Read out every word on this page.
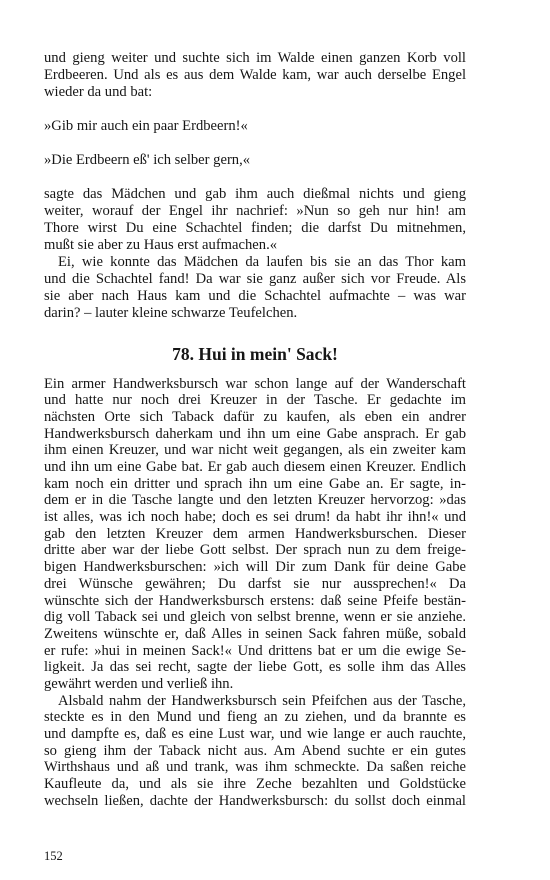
und gieng weiter und suchte sich im Walde einen ganzen Korb voll
Erdbeeren. Und als es aus dem Walde kam, war auch derselbe Engel
wieder da und bat:
»Gib mir auch ein paar Erdbeern!«
»Die Erdbeern eß' ich selber gern,«
sagte das Mädchen und gab ihm auch dießmal nichts und gieng
weiter, worauf der Engel ihr nachrief: »Nun so geh nur hin! am
Thore wirst Du eine Schachtel finden; die darfst Du mitnehmen,
mußt sie aber zu Haus erst aufmachen.«
Ei, wie konnte das Mädchen da laufen bis sie an das Thor kam
und die Schachtel fand! Da war sie ganz außer sich vor Freude. Als
sie aber nach Haus kam und die Schachtel aufmachte – was war
darin? – lauter kleine schwarze Teufelchen.
78. Hui in mein' Sack!
Ein armer Handwerksbursch war schon lange auf der Wanderschaft
und hatte nur noch drei Kreuzer in der Tasche. Er gedachte im
nächsten Orte sich Taback dafür zu kaufen, als eben ein andrer
Handwerksbursch daherkam und ihn um eine Gabe ansprach. Er gab
ihm einen Kreuzer, und war nicht weit gegangen, als ein zweiter kam
und ihn um eine Gabe bat. Er gab auch diesem einen Kreuzer. Endlich
kam noch ein dritter und sprach ihn um eine Gabe an. Er sagte, in-
dem er in die Tasche langte und den letzten Kreuzer hervorzog: »das
ist alles, was ich noch habe; doch es sei drum! da habt ihr ihn!« und
gab den letzten Kreuzer dem armen Handwerksburschen. Dieser
dritte aber war der liebe Gott selbst. Der sprach nun zu dem freige-
bigen Handwerksburschen: »ich will Dir zum Dank für deine Gabe
drei Wünsche gewähren; Du darfst sie nur aussprechen!« Da
wünschte sich der Handwerksbursch erstens: daß seine Pfeife bestän-
dig voll Taback sei und gleich von selbst brenne, wenn er sie anziehe.
Zweitens wünschte er, daß Alles in seinen Sack fahren müße, sobald
er rufe: »hui in meinen Sack!« Und drittens bat er um die ewige Se-
ligkeit. Ja das sei recht, sagte der liebe Gott, es solle ihm das Alles
gewährt werden und verließ ihn.
Alsbald nahm der Handwerksbursch sein Pfeifchen aus der Tasche,
steckte es in den Mund und fieng an zu ziehen, und da brannte es
und dampfte es, daß es eine Lust war, und wie lange er auch rauchte,
so gieng ihm der Taback nicht aus. Am Abend suchte er ein gutes
Wirthshaus und aß und trank, was ihm schmeckte. Da saßen reiche
Kaufleute da, und als sie ihre Zeche bezahlten und Goldstücke
wechseln ließen, dachte der Handwerksbursch: du sollst doch einmal
152
